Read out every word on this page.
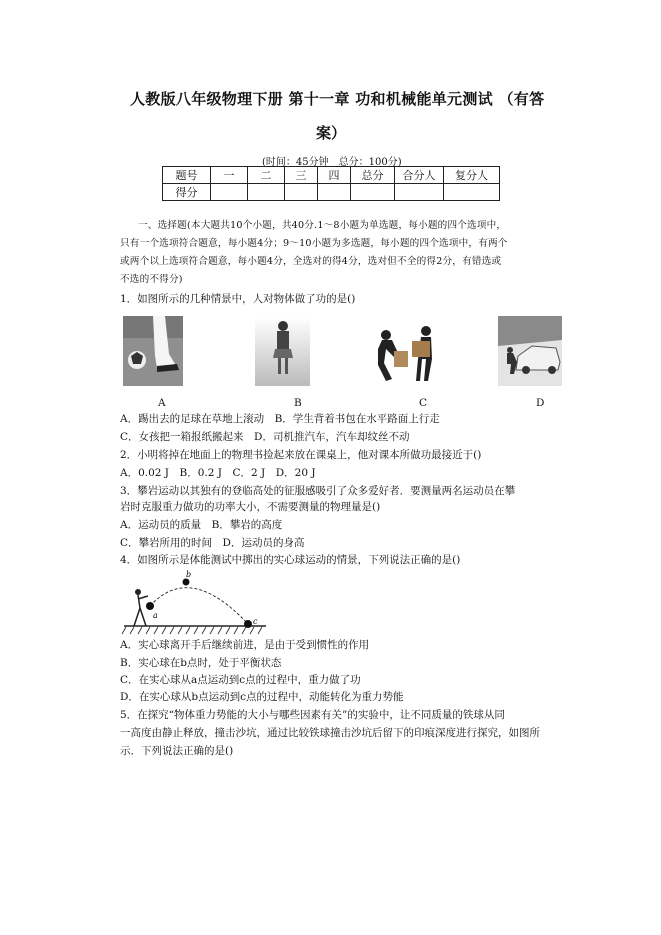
人教版八年级物理下册 第十一章 功和机械能单元测试 （有答
案）
(时间：45分钟　总分：100分)
题号	一	二	三	四	总分	合分人	复分人
得分							
一、选择题(本大题共10个小题，共40分.1～8小题为单选题，每小题的四个选项中，
只有一个选项符合题意，每小题4分；9～10小题为多选题，每小题的四个选项中，有两个
或两个以上选项符合题意，每小题4分，全选对的得4分，选对但不全的得2分，有错选或
不选的不得分)
1．如图所示的几种情景中，人对物体做了功的是()
A	B	C	D
A．踢出去的足球在草地上滚动　B．学生背着书包在水平路面上行走
C．女孩把一箱报纸搬起来　D．司机推汽车，汽车却纹丝不动
2．小明将掉在地面上的物理书捡起来放在课桌上，他对课本所做功最接近于()
A．0.02 J　B．0.2 J　C．2 J　D．20 J
3．攀岩运动以其独有的登临高处的征服感吸引了众多爱好者．要测量两名运动员在攀
岩时克服重力做功的功率大小，不需要测量的物理量是()
A．运动员的质量　B．攀岩的高度
C．攀岩所用的时间　D．运动员的身高
4．如图所示是体能测试中掷出的实心球运动的情景，下列说法正确的是()
a
b
c
A．实心球离开手后继续前进，是由于受到惯性的作用
B．实心球在b点时，处于平衡状态
C．在实心球从a点运动到c点的过程中，重力做了功
D．在实心球从b点运动到c点的过程中，动能转化为重力势能
5．在探究“物体重力势能的大小与哪些因素有关”的实验中，让不同质量的铁球从同
一高度由静止释放，撞击沙坑，通过比较铁球撞击沙坑后留下的印痕深度进行探究，如图所
示．下列说法正确的是()
